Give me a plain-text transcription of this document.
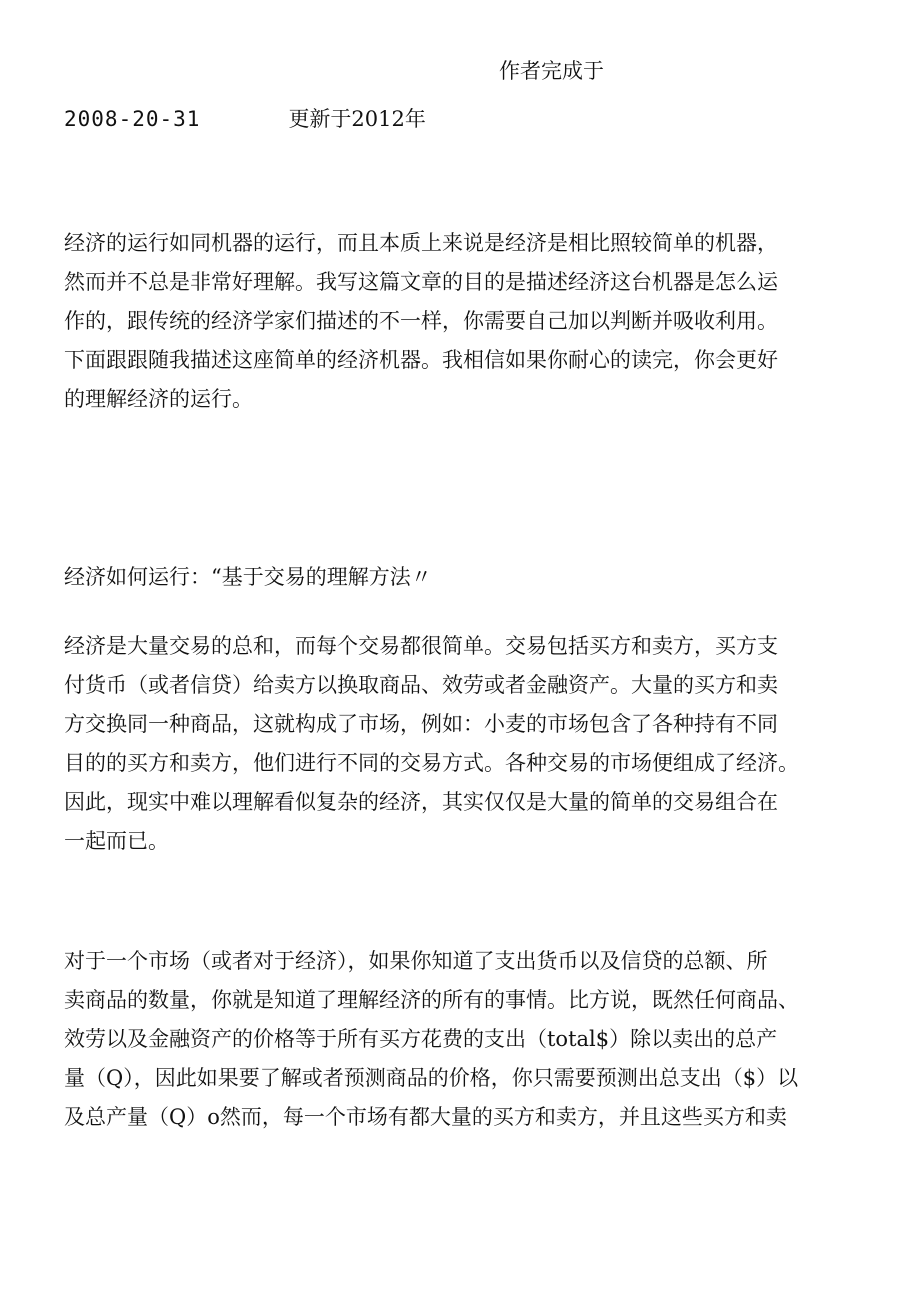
作者完成于
2008-20-31	更新于2012年
经济的运行如同机器的运行，而且本质上来说是经济是相比照较简单的机器，
然而并不总是非常好理解。我写这篇文章的目的是描述经济这台机器是怎么运
作的，跟传统的经济学家们描述的不一样，你需要自己加以判断并吸收利用。
下面跟跟随我描述这座简单的经济机器。我相信如果你耐心的读完，你会更好
的理解经济的运行。
经济如何运行：“基于交易的理解方法〃
经济是大量交易的总和，而每个交易都很简单。交易包括买方和卖方，买方支
付货币（或者信贷）给卖方以换取商品、效劳或者金融资产。大量的买方和卖
方交换同一种商品，这就构成了市场，例如：小麦的市场包含了各种持有不同
目的的买方和卖方，他们进行不同的交易方式。各种交易的市场便组成了经济。
因此，现实中难以理解看似复杂的经济，其实仅仅是大量的简单的交易组合在
一起而已。
对于一个市场（或者对于经济），如果你知道了支出货币以及信贷的总额、所
卖商品的数量，你就是知道了理解经济的所有的事情。比方说，既然任何商品、
效劳以及金融资产的价格等于所有买方花费的支出（total$）除以卖出的总产
量（Q），因此如果要了解或者预测商品的价格，你只需要预测出总支出（$）以
及总产量（Q）o然而，每一个市场有都大量的买方和卖方，并且这些买方和卖
